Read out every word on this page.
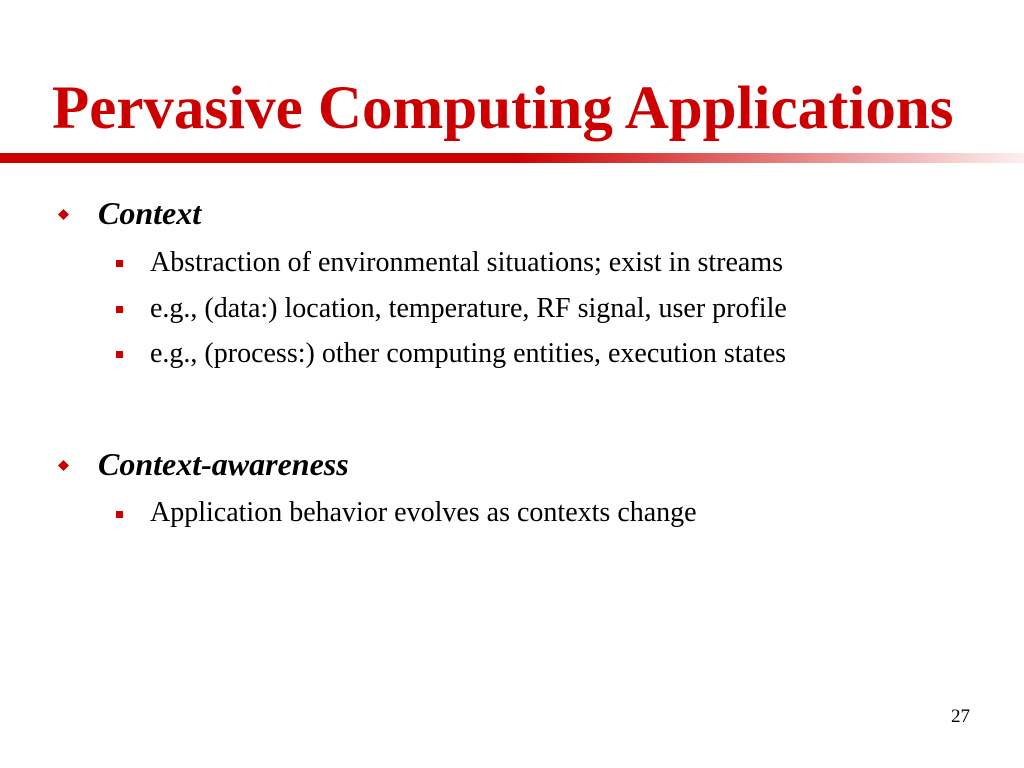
Pervasive Computing Applications
Context
Abstraction of environmental situations; exist in streams
e.g., (data:) location, temperature, RF signal, user profile
e.g., (process:) other computing entities, execution states
Context-awareness
Application behavior evolves as contexts change
27
